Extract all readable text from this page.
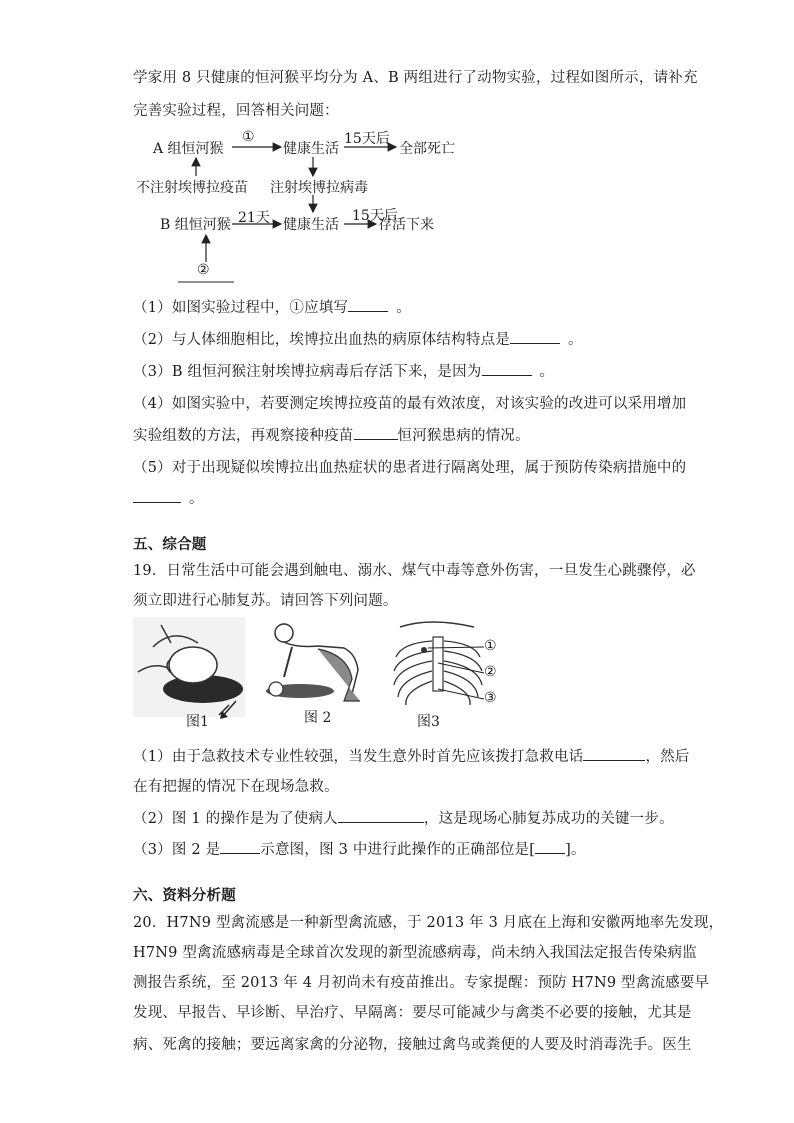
学家用 8 只健康的恒河猴平均分为 A、B 两组进行了动物实验，过程如图所示，请补充
完善实验过程，回答相关问题：
A 组恒河猴
①
健康生活
15天后
全部死亡
不注射埃博拉疫苗 注射埃博拉病毒
B 组恒河猴 21天 健康生活
15天后
存活下来
②
（1）如图实验过程中，①应填写	。
（2）与人体细胞相比，埃博拉出血热的病原体结构特点是	。
（3）B 组恒河猴注射埃博拉病毒后存活下来，是因为	。
（4）如图实验中，若要测定埃博拉疫苗的最有效浓度，对该实验的改进可以采用增加
实验组数的方法，再观察接种疫苗	恒河猴患病的情况。
（5）对于出现疑似埃博拉出血热症状的患者进行隔离处理，属于预防传染病措施中的
。
五、综合题
19．日常生活中可能会遇到触电、溺水、煤气中毒等意外伤害，一旦发生心跳骤停，必
须立即进行心肺复苏。请回答下列问题。
图1	图 2
①
②
③
图3
（1）由于急救技术专业性较强，当发生意外时首先应该拨打急救电话	，然后
在有把握的情况下在现场急救。
（2）图 1 的操作是为了使病人	，这是现场心肺复苏成功的关键一步。
（3）图 2 是	示意图，图 3 中进行此操作的正确部位是[ ]。
六、资料分析题
20．H7N9 型禽流感是一种新型禽流感，于 2013 年 3 月底在上海和安徽两地率先发现，
H7N9 型禽流感病毒是全球首次发现的新型流感病毒，尚未纳入我国法定报告传染病监
测报告系统，至 2013 年 4 月初尚未有疫苗推出。专家提醒：预防 H7N9 型禽流感要早
发现、早报告、早诊断、早治疗、早隔离：要尽可能减少与禽类不必要的接触，尤其是
病、死禽的接触；要远离家禽的分泌物，接触过禽鸟或粪便的人要及时消毒洗手。医生
